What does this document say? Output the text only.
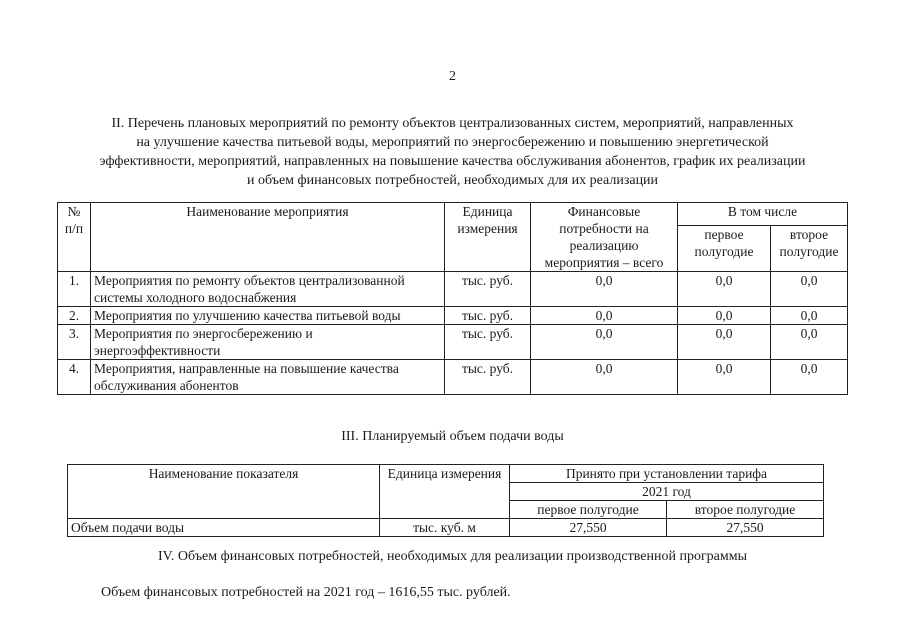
2
II. Перечень плановых мероприятий по ремонту объектов централизованных систем, мероприятий, направленных
на улучшение качества питьевой воды, мероприятий по энергосбережению и повышению энергетической
эффективности, мероприятий, направленных на повышение качества обслуживания абонентов, график их реализации
и объем финансовых потребностей, необходимых для их реализации
№ п/п	Наименование мероприятия	Единица измерения	Финансовые потребности на реализацию мероприятия – всего	В том числе	
				первое полугодие	второе полугодие
1.	Мероприятия по ремонту объектов централизованной системы холодного водоснабжения	тыс. руб.	0,0	0,0	0,0
2.	Мероприятия по улучшению качества питьевой воды	тыс. руб.	0,0	0,0	0,0
3.	Мероприятия по энергосбережению и энергоэффективности	тыс. руб.	0,0	0,0	0,0
4.	Мероприятия, направленные на повышение качества обслуживания абонентов	тыс. руб.	0,0	0,0	0,0
III. Планируемый объем подачи воды
Наименование показателя	Единица измерения	Принято при установлении тарифа	
		2021 год	
		первое полугодие	второе полугодие
Объем подачи воды	тыс. куб. м	27,550	27,550
IV. Объем финансовых потребностей, необходимых для реализации производственной программы
Объем финансовых потребностей на 2021 год – 1616,55 тыс. рублей.
